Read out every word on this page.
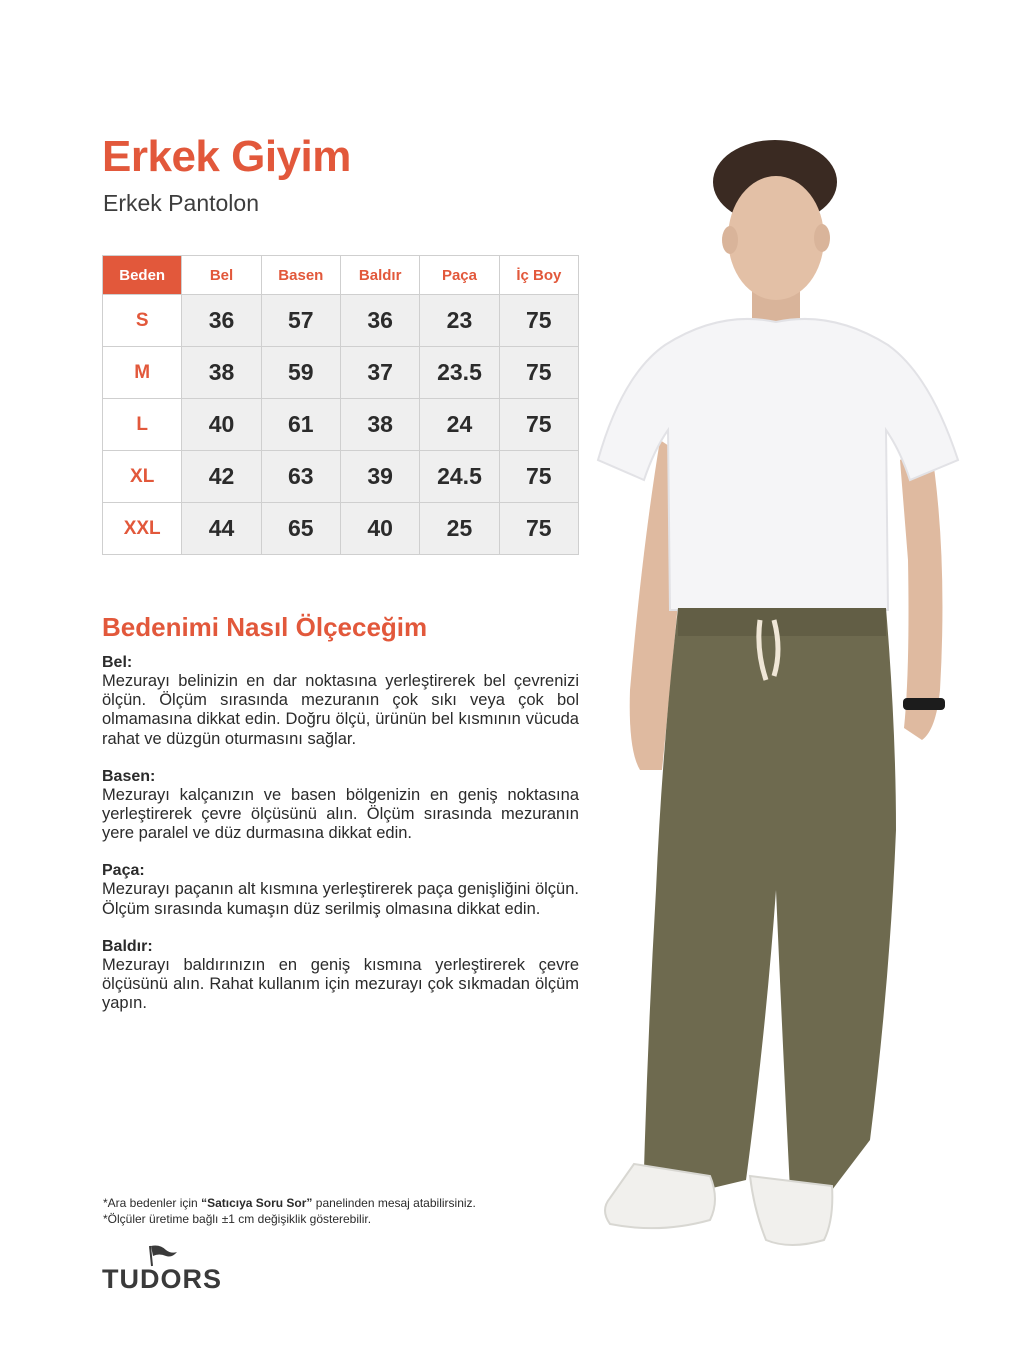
Erkek Giyim

Erkek Pantolon

Beden	Bel	Basen	Baldır	Paça	İç Boy
S	36	57	36	23	75
M	38	59	37	23.5	75
L	40	61	38	24	75
XL	42	63	39	24.5	75
XXL	44	65	40	25	75
Bedenimi Nasıl Ölçeceğim
Bel:

Mezurayı belinizin en dar noktasına yerleştirerek bel çevrenizi ölçün. Ölçüm sırasında mezuranın çok sıkı veya çok bol olmamasına dikkat edin. Doğru ölçü, ürünün bel kısmının vücuda rahat ve düzgün oturmasını sağlar.

Basen:

Mezurayı kalçanızın ve basen bölgenizin en geniş noktasına yerleştirerek çevre ölçüsünü alın. Ölçüm sırasında mezuranın yere paralel ve düz durmasına dikkat edin.

Paça:

Mezurayı paçanın alt kısmına yerleştirerek paça genişliğini ölçün. Ölçüm sırasında kumaşın düz serilmiş olmasına dikkat edin.

Baldır:

Mezurayı baldırınızın en geniş kısmına yerleştirerek çevre ölçüsünü alın. Rahat kullanım için mezurayı çok sıkmadan ölçüm yapın.

*Ara bedenler için “Satıcıya Soru Sor” panelinden mesaj atabilirsiniz.
*Ölçüler üretime bağlı ±1 cm değişiklik gösterebilir.
TUDORS
